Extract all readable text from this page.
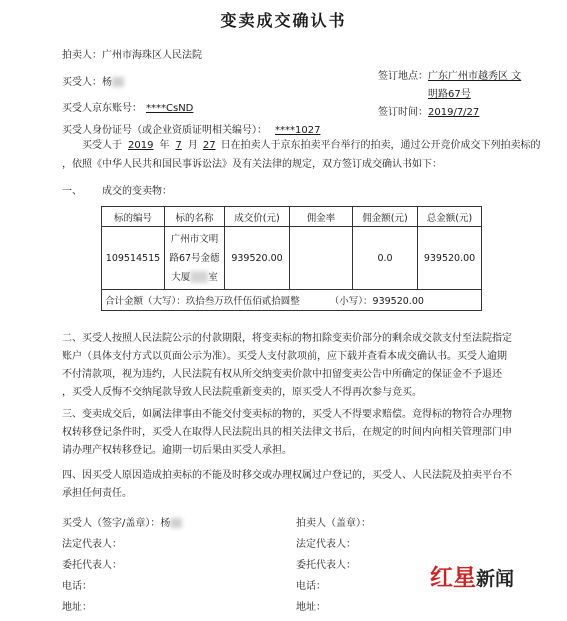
变卖成交确认书
拍卖人：广州市海珠区人民法院
买受人：杨
买受人京东账号： ****CsND
买受人身份证号（或企业资质证明相关编号）： ****1027
签订地点：广东广州市越秀区 文
明路67号
签订时间：2019/7/27
买受人于 2019 年 7 月 27 日在拍卖人于京东拍卖平台举行的拍卖，通过公开竞价成交下列拍卖标的
，依照《中华人民共和国民事诉讼法》及有关法律的规定，双方签订成交确认书如下：
一、 成交的变卖物：
标的编号	标的名称	成交价(元)	佣金率	佣金额(元)	总金额(元)
109514515	广州市文明
路67号金德
大厦 室	939520.00		0.0	939520.00
合计金额（大写）：玖拾叁万玖仟伍佰贰拾圆整 （小写）：939520.00					
二、买受人按照人民法院公示的付款期限，将变卖标的物扣除变卖价部分的剩余成交款支付至法院指定
账户（具体支付方式以页面公示为准）。买受人支付款项前，应下载并查看本成交确认书。买受人逾期
不付清款项，视为违约，人民法院有权从所交纳变卖价款中扣留变卖公告中所确定的保证金不予退还
，买受人反悔不交纳尾款导致人民法院重新变卖的，原买受人不得再次参与竞买。
三、变卖成交后，如属法律事由不能交付变卖标的物的，买受人不得要求赔偿。竞得标的物符合办理物
权转移登记条件时，买受人在取得人民法院出具的相关法律文书后，在规定的时间内向相关管理部门申
请办理产权转移登记。逾期一切后果由买受人承担。
四、因买受人原因造成拍卖标的不能及时移交或办理权属过户登记的，买受人、人民法院及拍卖平台不
承担任何责任。
买受人（签字/盖章）：杨
法定代表人：
委托代表人：
电话：
地址：
拍卖人（盖章）：
法定代表人：
委托代表人：
电话：
地址：
红星新闻
